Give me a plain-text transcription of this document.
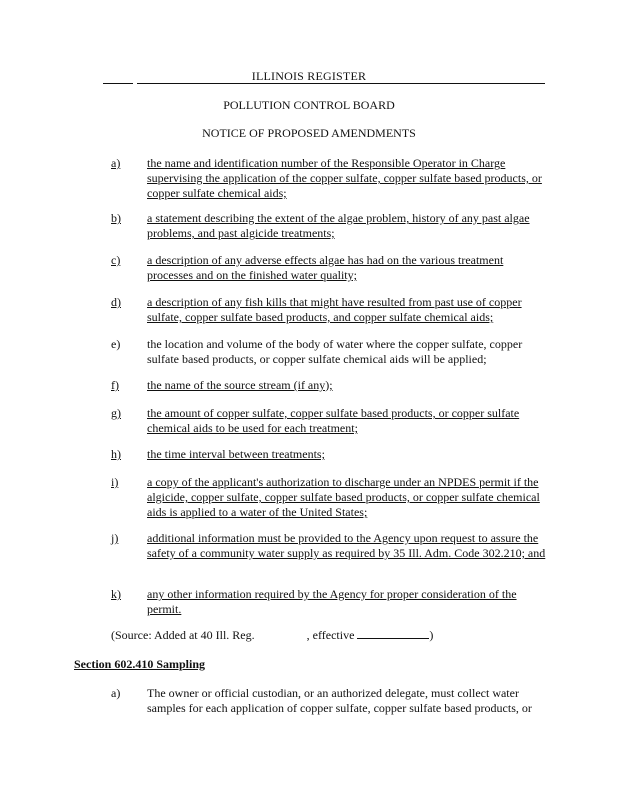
ILLINOIS REGISTER
POLLUTION CONTROL BOARD
NOTICE OF PROPOSED AMENDMENTS
a)	the name and identification number of the Responsible Operator in Charge supervising the application of the copper sulfate, copper sulfate based products, or copper sulfate chemical aids;
b)	a statement describing the extent of the algae problem, history of any past algae problems, and past algicide treatments;
c)	a description of any adverse effects algae has had on the various treatment processes and on the finished water quality;
d)	a description of any fish kills that might have resulted from past use of copper sulfate, copper sulfate based products, and copper sulfate chemical aids;
e)	the location and volume of the body of water where the copper sulfate, copper sulfate based products, or copper sulfate chemical aids will be applied;
f)	the name of the source stream (if any);
g)	the amount of copper sulfate, copper sulfate based products, or copper sulfate chemical aids to be used for each treatment;
h)	the time interval between treatments;
i)	a copy of the applicant's authorization to discharge under an NPDES permit if the algicide, copper sulfate, copper sulfate based products, or copper sulfate chemical aids is applied to a water of the United States;
j)	additional information must be provided to the Agency upon request to assure the safety of a community water supply as required by 35 Ill. Adm. Code 302.210; and
k)	any other information required by the Agency for proper consideration of the permit.
(Source: Added at 40 Ill. Reg.	, effective	)
Section 602.410 Sampling
a)	The owner or official custodian, or an authorized delegate, must collect water samples for each application of copper sulfate, copper sulfate based products, or
